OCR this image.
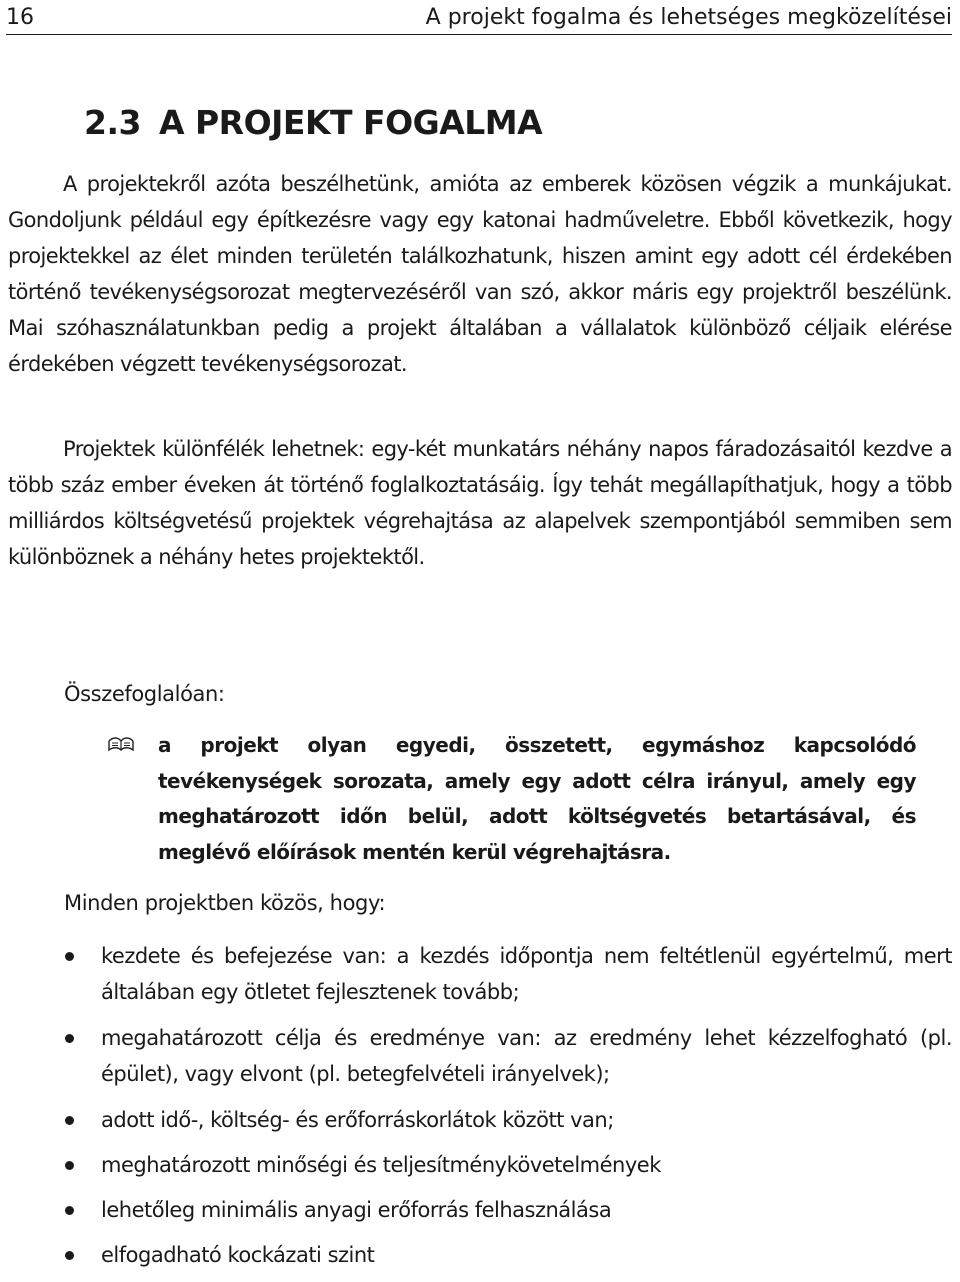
16	A projekt fogalma és lehetséges megközelítései
2.3 A PROJEKT FOGALMA

A projektekről azóta beszélhetünk, amióta az emberek közösen végzik a munkájukat. Gondoljunk például egy építkezésre vagy egy katonai hadműveletre. Ebből következik, hogy projektekkel az élet minden területén találkozhatunk, hiszen amint egy adott cél érdekében történő tevékenységsorozat megtervezéséről van szó, akkor máris egy projektről beszélünk. Mai szóhasználatunkban pedig a projekt általában a vállalatok különböző céljaik elérése érdekében végzett tevékenységsorozat.

Projektek különfélék lehetnek: egy-két munkatárs néhány napos fáradozásaitól kezdve a több száz ember éveken át történő foglalkoztatásáig. Így tehát megállapíthatjuk, hogy a több milliárdos költségvetésű projektek végrehajtása az alapelvek szempontjából semmiben sem különböznek a néhány hetes projektektől.

Összefoglalóan:

a projekt olyan egyedi, összetett, egymáshoz kapcsolódó tevékenységek sorozata, amely egy adott célra irányul, amely egy meghatározott időn belül, adott költségvetés betartásával, és meglévő előírások mentén kerül végrehajtásra.

Minden projektben közös, hogy:

kezdete és befejezése van: a kezdés időpontja nem feltétlenül egyértelmű, mert általában egy ötletet fejlesztenek tovább;
megahatározott célja és eredménye van: az eredmény lehet kézzelfogható (pl. épület), vagy elvont (pl. betegfelvételi irányelvek);
adott idő-, költség- és erőforráskorlátok között van;
meghatározott minőségi és teljesítménykövetelmények
lehetőleg minimális anyagi erőforrás felhasználása
elfogadható kockázati szint
